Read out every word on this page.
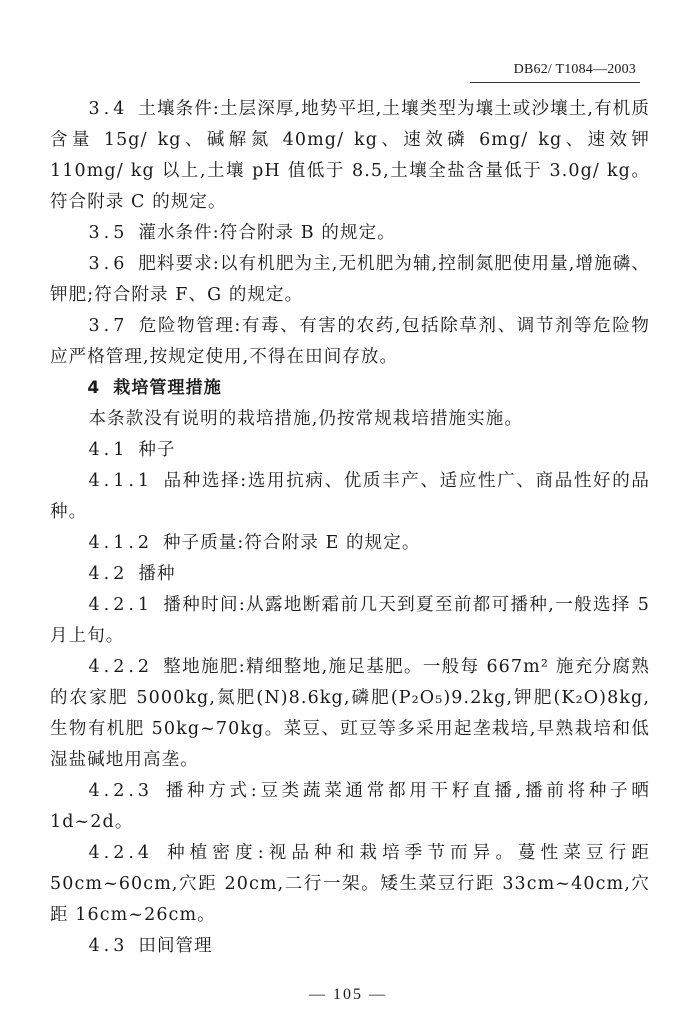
DB62/ T1084—2003

3.4 土壤条件:土层深厚,地势平坦,土壤类型为壤土或沙壤土,有机质含量 15g/ kg、碱解氮 40mg/ kg、速效磷 6mg/ kg、速效钾 110mg/ kg 以上,土壤 pH 值低于 8.5,土壤全盐含量低于 3.0g/ kg。符合附录 C 的规定。

3.5 灌水条件:符合附录 B 的规定。

3.6 肥料要求:以有机肥为主,无机肥为辅,控制氮肥使用量,增施磷、钾肥;符合附录 F、G 的规定。

3.7 危险物管理:有毒、有害的农药,包括除草剂、调节剂等危险物应严格管理,按规定使用,不得在田间存放。

4 栽培管理措施

本条款没有说明的栽培措施,仍按常规栽培措施实施。

4.1 种子

4.1.1 品种选择:选用抗病、优质丰产、适应性广、商品性好的品种。

4.1.2 种子质量:符合附录 E 的规定。

4.2 播种

4.2.1 播种时间:从露地断霜前几天到夏至前都可播种,一般选择 5 月上旬。

4.2.2 整地施肥:精细整地,施足基肥。一般每 667m² 施充分腐熟的农家肥 5000kg,氮肥(N)8.6kg,磷肥(P₂O₅)9.2kg,钾肥(K₂O)8kg,生物有机肥 50kg~70kg。菜豆、豇豆等多采用起垄栽培,早熟栽培和低湿盐碱地用高垄。

4.2.3 播种方式:豆类蔬菜通常都用干籽直播,播前将种子晒 1d~2d。

4.2.4 种植密度:视品种和栽培季节而异。蔓性菜豆行距 50cm~60cm,穴距 20cm,二行一架。矮生菜豆行距 33cm~40cm,穴距 16cm~26cm。

4.3 田间管理

— 105 —
